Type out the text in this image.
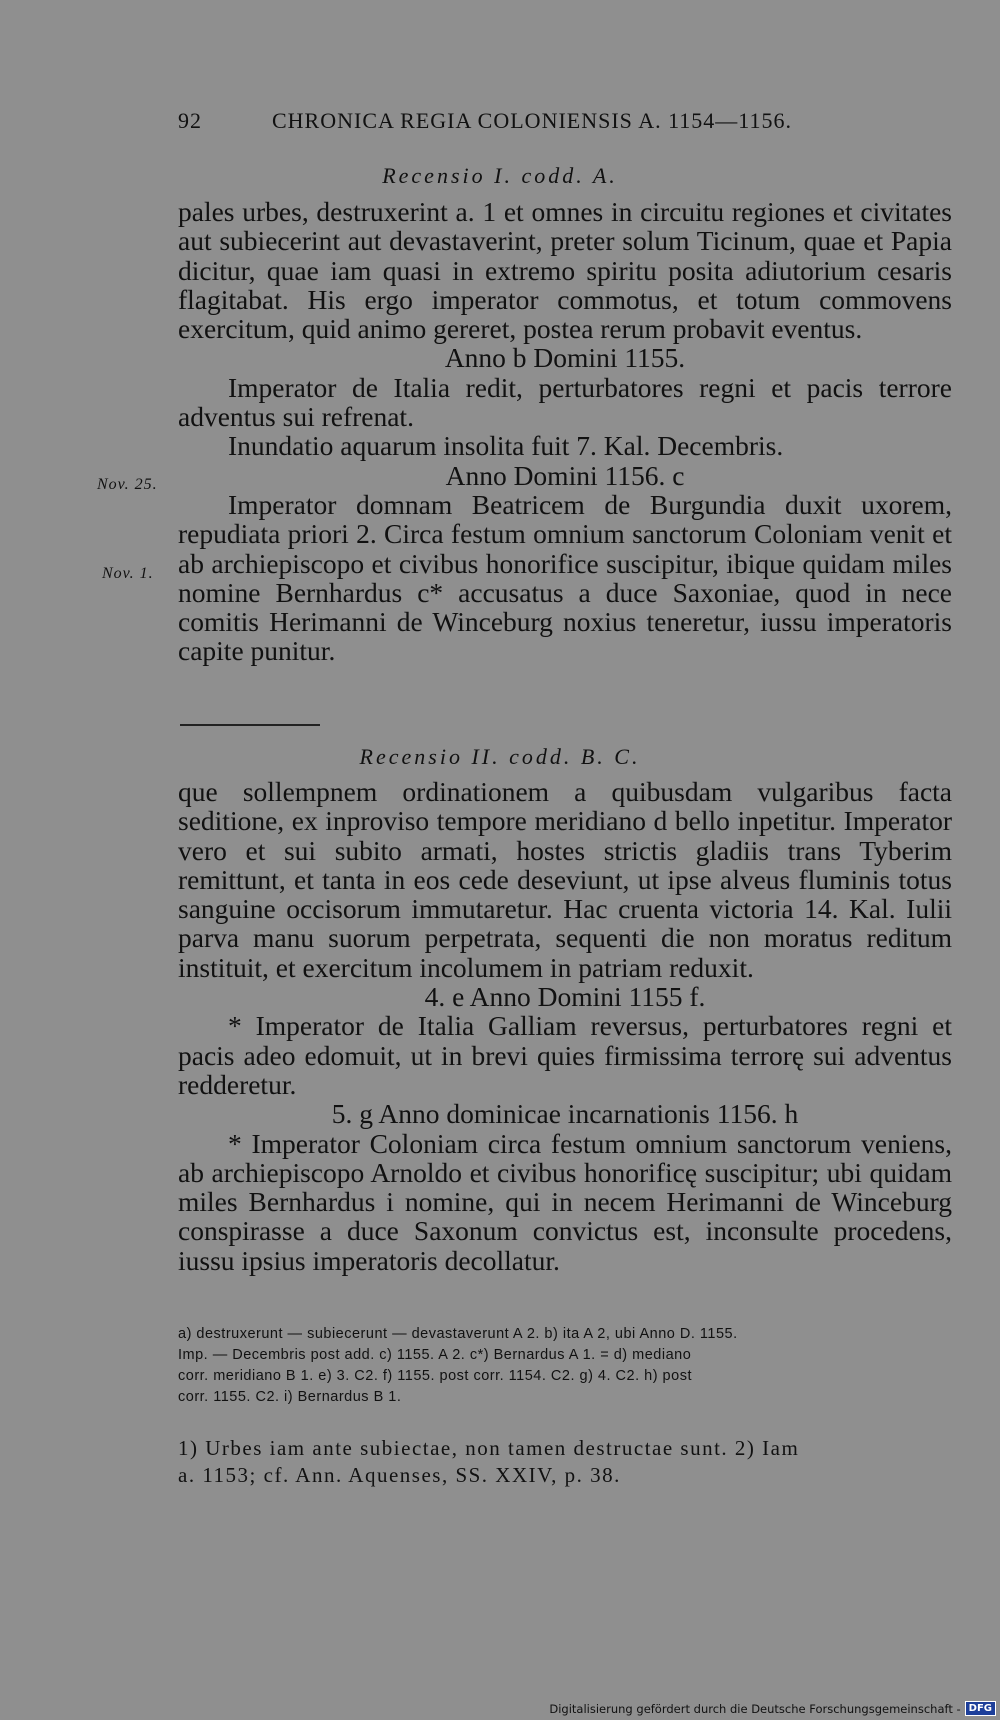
92	CHRONICA REGIA COLONIENSIS A. 1154—1156.
Recensio I. codd. A.

pales urbes, destruxerint a. 1 et omnes in circuitu regiones et civitates aut subiecerint aut devastaverint, preter solum Ticinum, quae et Papia dicitur, quae iam quasi in extremo spiritu posita adiutorium cesaris flagitabat. His ergo imperator commotus, et totum commovens exercitum, quid animo gereret, postea rerum probavit eventus.

Anno b Domini 1155.

Imperator de Italia redit, perturbatores regni et pacis terrore adventus sui refrenat.

Inundatio aquarum insolita fuit 7. Kal. Decembris.

Anno Domini 1156. c

Imperator domnam Beatricem de Burgundia duxit uxorem, repudiata priori 2. Circa festum omnium sanctorum Coloniam venit et ab archiepiscopo et civibus honorifice suscipitur, ibique quidam miles nomine Bernhardus c* accusatus a duce Saxoniae, quod in nece comitis Herimanni de Winceburg noxius teneretur, iussu imperatoris capite punitur.

Nov. 25.
Nov. 1.
Recensio II. codd. B. C.

que sollempnem ordinationem a quibusdam vulgaribus facta seditione, ex inproviso tempore meridiano d bello inpetitur. Imperator vero et sui subito armati, hostes strictis gladiis trans Tyberim remittunt, et tanta in eos cede deseviunt, ut ipse alveus fluminis totus sanguine occisorum immutaretur. Hac cruenta victoria 14. Kal. Iulii parva manu suorum perpetrata, sequenti die non moratus reditum instituit, et exercitum incolumem in patriam reduxit.

4. e Anno Domini 1155 f.

* Imperator de Italia Galliam reversus, perturbatores regni et pacis adeo edomuit, ut in brevi quies firmissima terrorę sui adventus redderetur.

5. g Anno dominicae incarnationis 1156. h

* Imperator Coloniam circa festum omnium sanctorum veniens, ab archiepiscopo Arnoldo et civibus honorificę suscipitur; ubi quidam miles Bernhardus i nomine, qui in necem Herimanni de Winceburg conspirasse a duce Saxonum convictus est, inconsulte procedens, iussu ipsius imperatoris decollatur.

a) destruxerunt — subiecerunt — devastaverunt A 2. b) ita A 2, ubi Anno D. 1155.

Imp. — Decembris post add. c) 1155. A 2. c*) Bernardus A 1. = d) mediano

corr. meridiano B 1. e) 3. C2. f) 1155. post corr. 1154. C2. g) 4. C2. h) post

corr. 1155. C2. i) Bernardus B 1.

1) Urbes iam ante subiectae, non tamen destructae sunt. 2) Iam

a. 1153; cf. Ann. Aquenses, SS. XXIV, p. 38.

Digitalisierung gefördert durch die Deutsche Forschungsgemeinschaft - DFG
